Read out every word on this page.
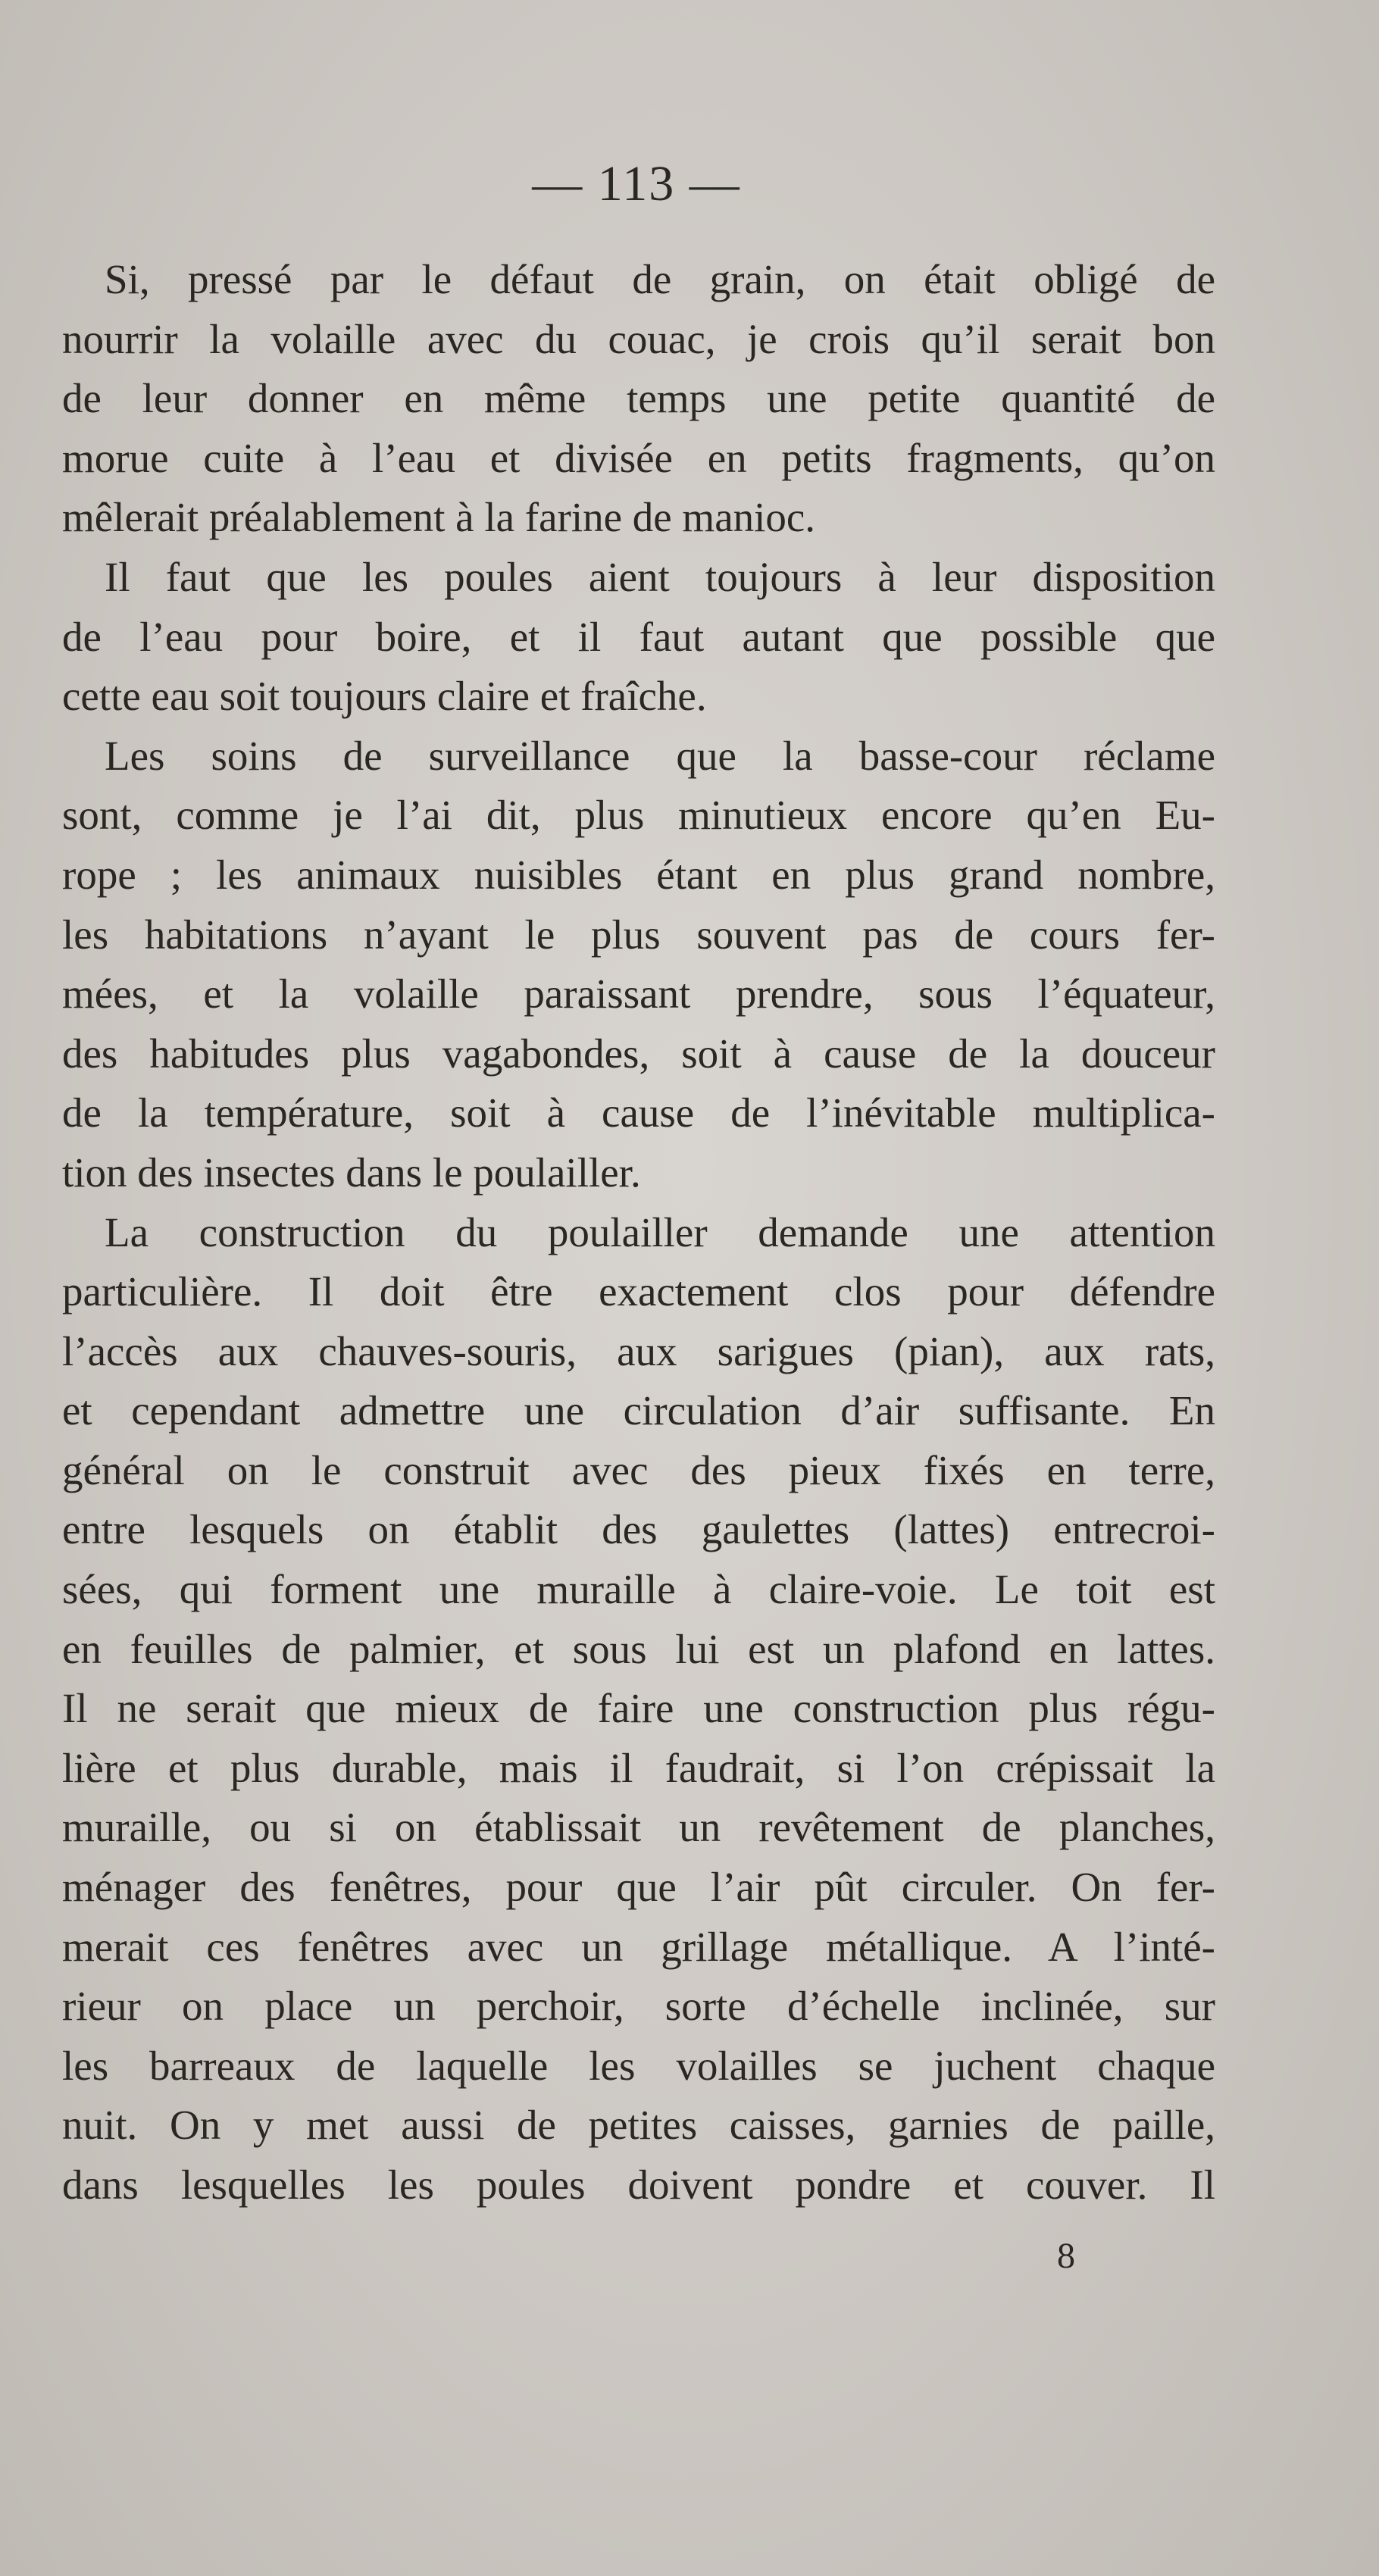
— 113 —
Si, pressé par le défaut de grain, on était obligé de
nourrir la volaille avec du couac, je crois qu’il serait bon
de leur donner en même temps une petite quantité de
morue cuite à l’eau et divisée en petits fragments, qu’on
mêlerait préalablement à la farine de manioc.
Il faut que les poules aient toujours à leur disposition
de l’eau pour boire, et il faut autant que possible que
cette eau soit toujours claire et fraîche.
Les soins de surveillance que la basse-cour réclame
sont, comme je l’ai dit, plus minutieux encore qu’en Eu-
rope ; les animaux nuisibles étant en plus grand nombre,
les habitations n’ayant le plus souvent pas de cours fer-
mées, et la volaille paraissant prendre, sous l’équateur,
des habitudes plus vagabondes, soit à cause de la douceur
de la température, soit à cause de l’inévitable multiplica-
tion des insectes dans le poulailler.
La construction du poulailler demande une attention
particulière. Il doit être exactement clos pour défendre
l’accès aux chauves-souris, aux sarigues (pian), aux rats,
et cependant admettre une circulation d’air suffisante. En
général on le construit avec des pieux fixés en terre,
entre lesquels on établit des gaulettes (lattes) entrecroi-
sées, qui forment une muraille à claire-voie. Le toit est
en feuilles de palmier, et sous lui est un plafond en lattes.
Il ne serait que mieux de faire une construction plus régu-
lière et plus durable, mais il faudrait, si l’on crépissait la
muraille, ou si on établissait un revêtement de planches,
ménager des fenêtres, pour que l’air pût circuler. On fer-
merait ces fenêtres avec un grillage métallique. A l’inté-
rieur on place un perchoir, sorte d’échelle inclinée, sur
les barreaux de laquelle les volailles se juchent chaque
nuit. On y met aussi de petites caisses, garnies de paille,
dans lesquelles les poules doivent pondre et couver. Il
8
